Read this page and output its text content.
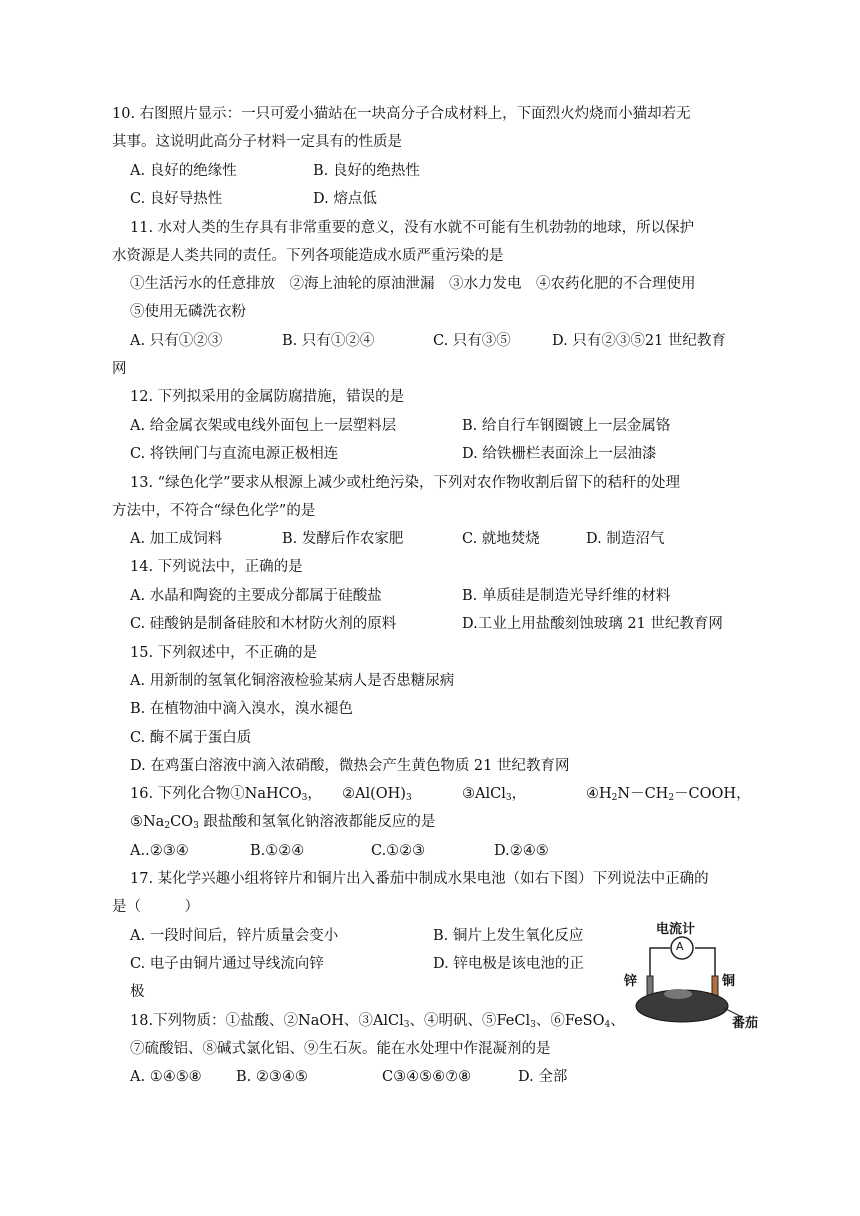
10. 右图照片显示：一只可爱小猫站在一块高分子合成材料上，下面烈火灼烧而小猫却若无
其事。这说明此高分子材料一定具有的性质是
A. 良好的绝缘性	B. 良好的绝热性
C. 良好导热性	D. 熔点低
11. 水对人类的生存具有非常重要的意义，没有水就不可能有生机勃勃的地球，所以保护
水资源是人类共同的责任。下列各项能造成水质严重污染的是
①生活污水的任意排放　②海上油轮的原油泄漏　③水力发电　④农药化肥的不合理使用
⑤使用无磷洗衣粉
A. 只有①②③	B. 只有①②④	C. 只有③⑤	D. 只有②③⑤21 世纪教育
网
12. 下列拟采用的金属防腐措施，错误的是
A. 给金属衣架或电线外面包上一层塑料层	B. 给自行车钢圈镀上一层金属铬
C. 将铁闸门与直流电源正极相连	D. 给铁栅栏表面涂上一层油漆
13. “绿色化学”要求从根源上减少或杜绝污染，下列对农作物收割后留下的秸秆的处理
方法中，不符合“绿色化学”的是
A. 加工成饲料	B. 发酵后作农家肥	C. 就地焚烧	D. 制造沼气
14. 下列说法中，正确的是
A. 水晶和陶瓷的主要成分都属于硅酸盐	B. 单质硅是制造光导纤维的材料
C. 硅酸钠是制备硅胶和木材防火剂的原料	D.工业上用盐酸刻蚀玻璃 21 世纪教育网
15. 下列叙述中，不正确的是
A. 用新制的氢氧化铜溶液检验某病人是否患糖尿病
B. 在植物油中滴入溴水，溴水褪色
C. 酶不属于蛋白质
D. 在鸡蛋白溶液中滴入浓硝酸，微热会产生黄色物质 21 世纪教育网
16. 下列化合物①NaHCO$_3$， $②Al(OH)_3$	③AlCl$_3$，	$④H_2N-CH_2-COOH$，
$⑤Na_2CO_3$ 跟盐酸和氢氧化钠溶液都能反应的是
A..②③④	B.①②④	C.①②③	D.②④⑤
17. 某化学兴趣小组将锌片和铜片出入番茄中制成水果电池（如右下图）下列说法中正确的
是（　　　）
A. 一段时间后，锌片质量会变小	B. 铜片上发生氧化反应
C. 电子由铜片通过导线流向锌	D. 锌电极是该电池的正
极
电流计
A
锌	铜
番茄
18.下列物质：①盐酸、②NaOH、③AlCl$_3$、④明矾、⑤FeCl$_3$、⑥FeSO$_4$、
⑦硫酸铝、⑧碱式氯化铝、⑨生石灰。能在水处理中作混凝剂的是
A. ①④⑤⑧ B. ②③④⑤	C③④⑤⑥⑦⑧	D. 全部
